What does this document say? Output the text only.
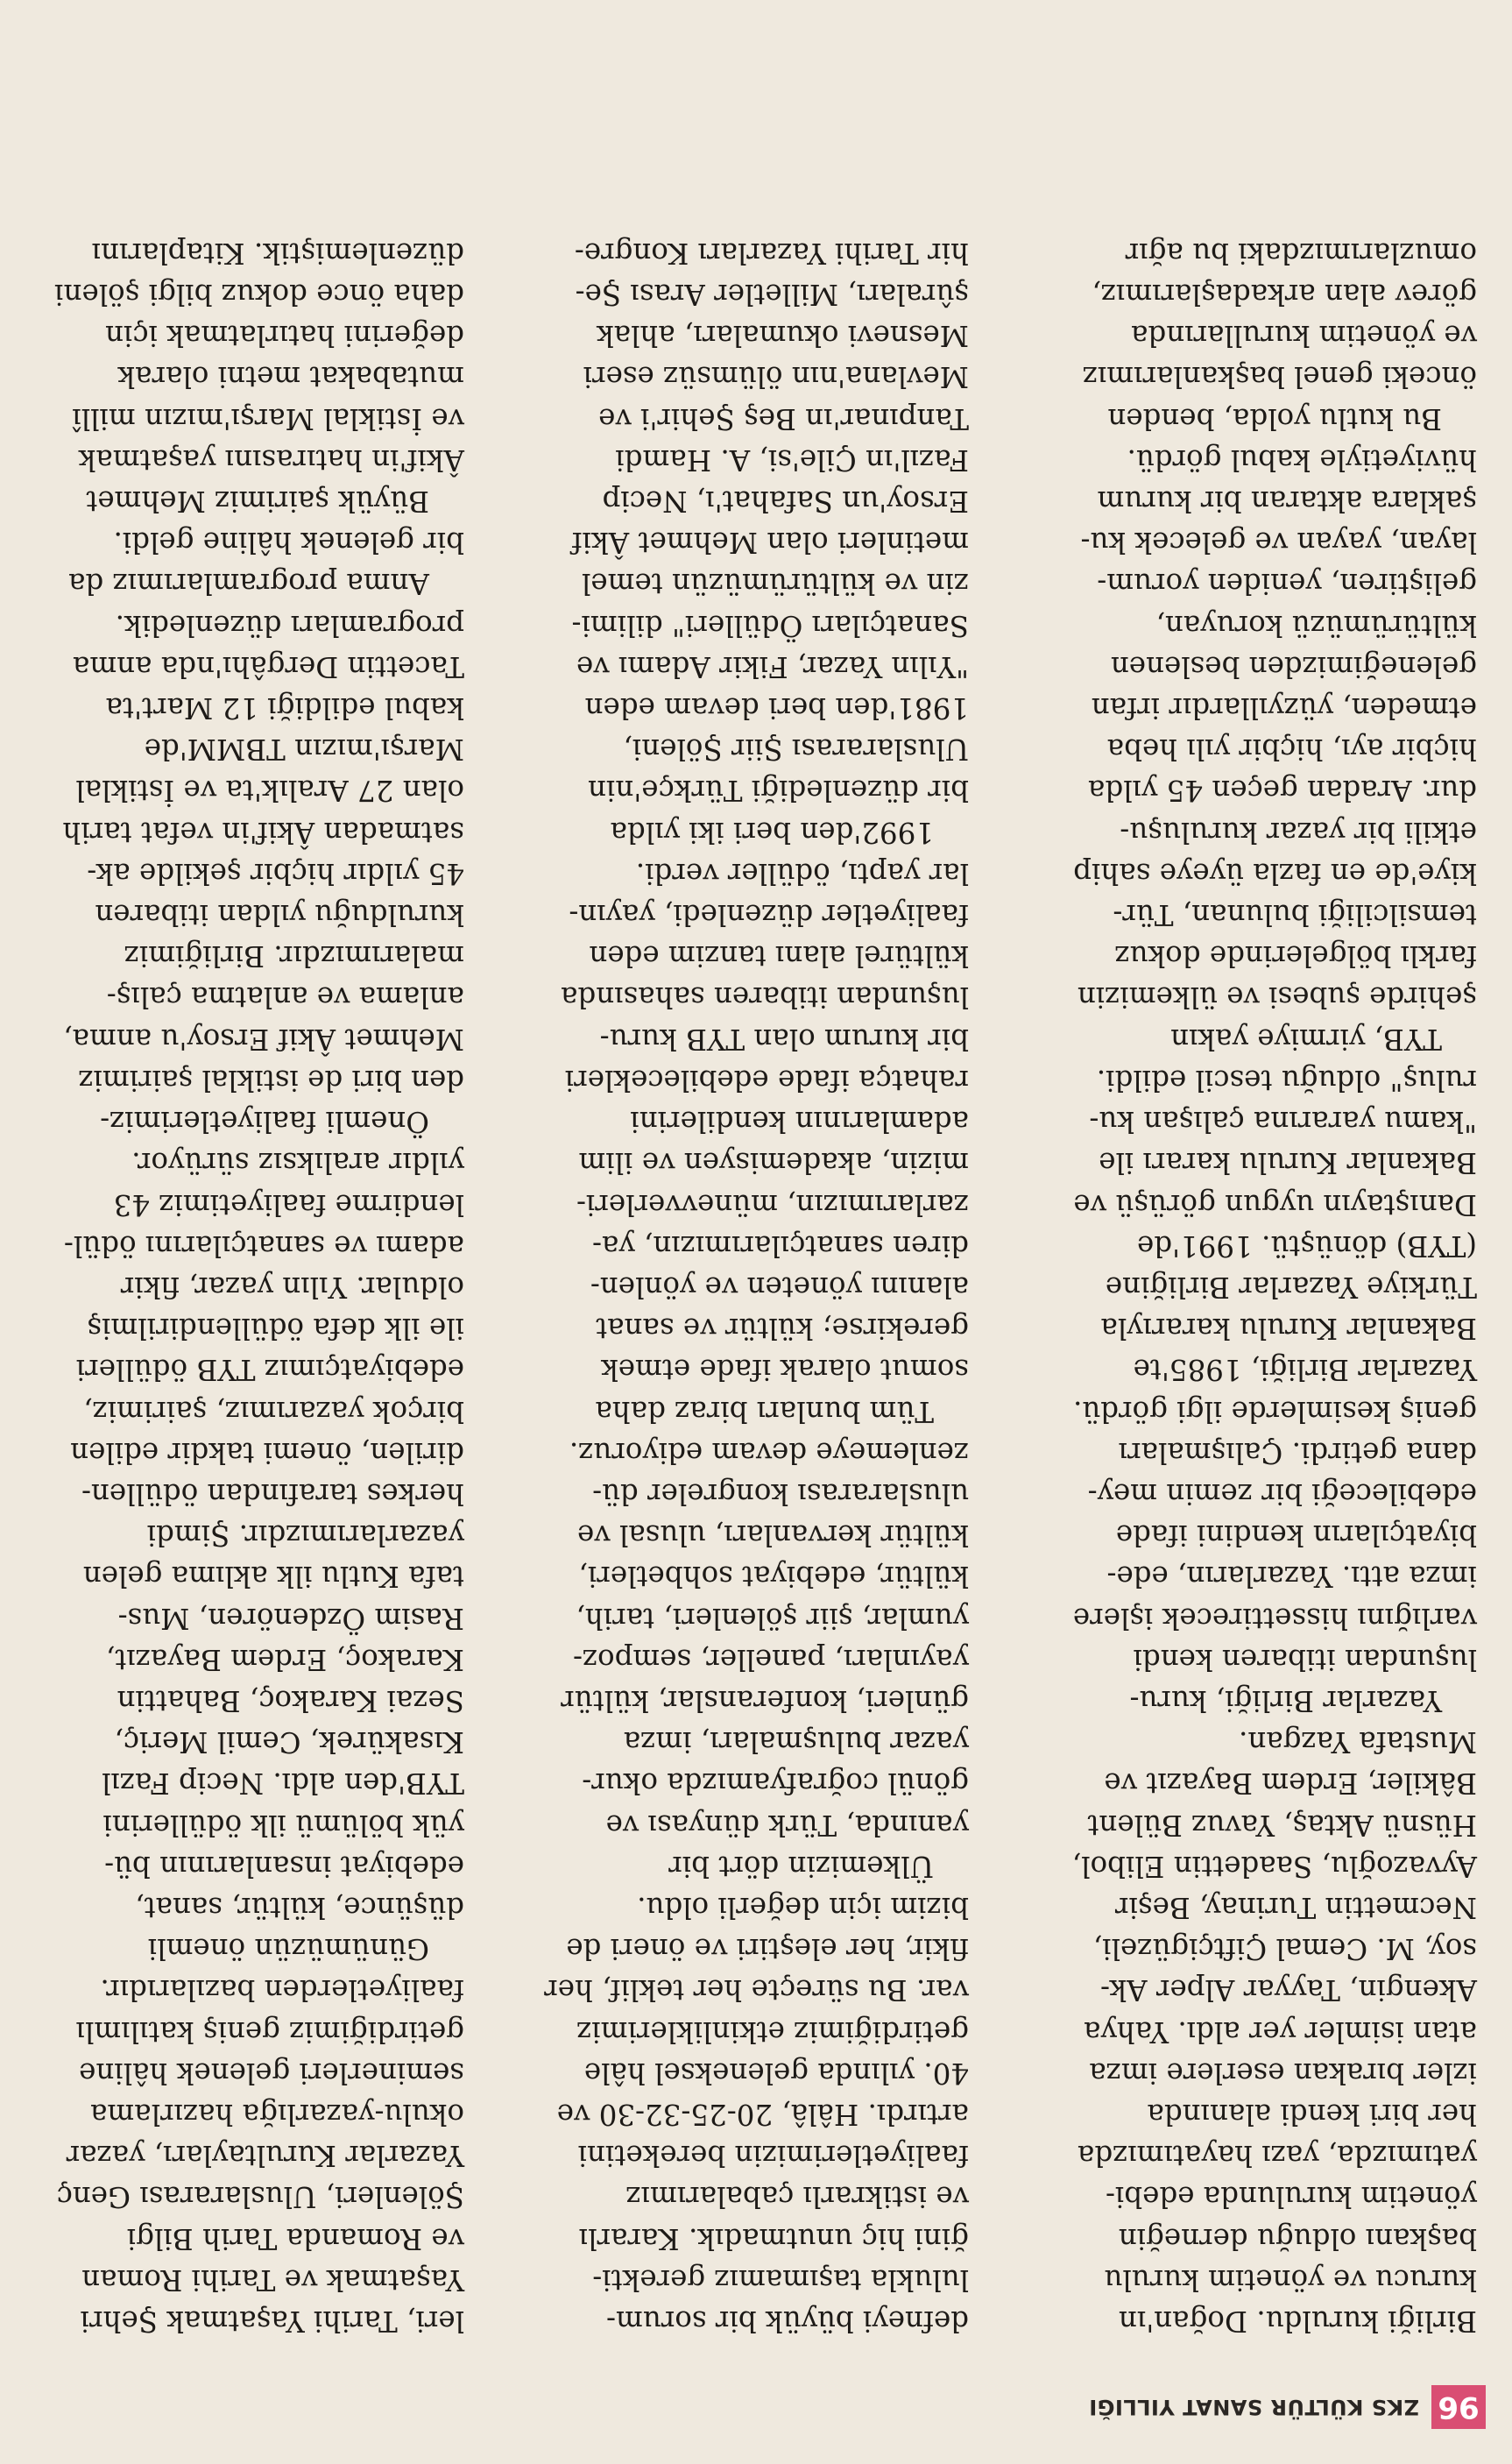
96
ZKS KÜLTÜR SANAT YILLIĞI
Birliği kuruldu. Doğan'ın
kurucu ve yönetim kurulu
başkanı olduğu derneğin
yönetim kurulunda edebi-
yatımızda, yazı hayatımızda
her biri kendi alanında
izler bırakan eserlere imza
atan isimler yer aldı. Yahya
Akengin, Tayyar Alper Ak-
soy, M. Cemal Çiftçigüzeli,
Necmettin Turinay, Beşir
Ayvazoğlu, Saadettin Elibol,
Hüsnü Aktaş, Yavuz Bülent
Bâkiler, Erdem Bayazıt ve
Mustafa Yazgan.
Yazarlar Birliği, kuru-
luşundan itibaren kendi
varlığını hissettirecek işlere
imza attı. Yazarların, ede-
biyatçıların kendini ifade
edebileceği bir zemin mey-
dana getirdi. Çalışmaları
geniş kesimlerde ilgi gördü.
Yazarlar Birliği, 1985'te
Bakanlar Kurulu kararıyla
Türkiye Yazarlar Birliğine
(TYB) dönüştü. 1991'de
Danıştayın uygun görüşü ve
Bakanlar Kurulu kararı ile
"kamu yararına çalışan ku-
ruluş" olduğu tescil edildi.
TYB, yirmiye yakın
şehirde şubesi ve ülkemizin
farklı bölgelerinde dokuz
temsilciliği bulunan, Tür-
kiye'de en fazla üyeye sahip
etkili bir yazar kuruluşu-
dur. Aradan geçen 45 yılda
hiçbir ayı, hiçbir yılı heba
etmeden, yüzyıllardır irfan
geleneğimizden beslenen
kültürümüzü koruyan,
geliştiren, yeniden yorum-
layan, yayan ve gelecek ku-
şaklara aktaran bir kurum
hüviyetiyle kabul gördü.
Bu kutlu yolda, benden
önceki genel başkanlarımız
ve yönetim kurullarında
görev alan arkadaşlarımız,
omuzlarımızdaki bu ağır
defneyi büyük bir sorum-
lulukla taşımamız gerekti-
ğini hiç unutmadık. Kararlı
ve istikrarlı çabalarımız
faaliyetlerimizin bereketini
artırdı. Hâlâ, 20-25-32-30 ve
40. yılında geleneksel hâle
getirdiğimiz etkinliklerimiz
var. Bu süreçte her teklif, her
fikir, her eleştiri ve öneri de
bizim için değerli oldu.
Ülkemizin dört bir
yanında, Türk dünyası ve
gönül coğrafyamızda okur-
yazar buluşmaları, imza
günleri, konferanslar, kültür
yayınları, paneller, sempoz-
yumlar, şiir şölenleri, tarih,
kültür, edebiyat sohbetleri,
kültür kervanları, ulusal ve
uluslararası kongreler dü-
zenlemeye devam ediyoruz.
Tüm bunları biraz daha
somut olarak ifade etmek
gerekirse; kültür ve sanat
alanını yöneten ve yönlen-
diren sanatçılarımızın, ya-
zarlarımızın, münevverleri-
mizin, akademisyen ve ilim
adamlarının kendilerini
rahatça ifade edebilecekleri
bir kurum olan TYB kuru-
luşundan itibaren sahasında
kültürel alanı tanzim eden
faaliyetler düzenledi, yayın-
lar yaptı, ödüller verdi.
1992'den beri iki yılda
bir düzenlediği Türkçe'nin
Uluslararası Şiir Şöleni,
1981'den beri devam eden
"Yılın Yazar, Fikir Adamı ve
Sanatçıları Ödülleri" dilimi-
zin ve kültürümüzün temel
metinleri olan Mehmet Âkif
Ersoy'un Safahat'ı, Necip
Fazıl'ın Çile'si, A. Hamdi
Tanpınar'ın Beş Şehir'i ve
Mevlana'nın ölümsüz eseri
Mesnevi okumaları, ahlak
şûraları, Milletler Arası Şe-
hir Tarihi Yazarları Kongre-
leri, Tarihi Yaşatmak Şehri
Yaşatmak ve Tarihi Roman
ve Romanda Tarih Bilgi
Şölenleri, Uluslararası Genç
Yazarlar Kurultayları, yazar
okulu-yazarlığa hazırlama
seminerleri gelenek hâline
getirdiğimiz geniş katılımlı
faaliyetlerden bazılarıdır.
Günümüzün önemli
düşünce, kültür, sanat,
edebiyat insanlarının bü-
yük bölümü ilk ödüllerini
TYB'den aldı. Necip Fazıl
Kısakürek, Cemil Meriç,
Sezai Karakoç, Bahattin
Karakoç, Erdem Bayazıt,
Rasim Özdenören, Mus-
tafa Kutlu ilk aklıma gelen
yazarlarımızdır. Şimdi
herkes tarafından ödüllen-
dirilen, önemi takdir edilen
birçok yazarımız, şairimiz,
edebiyatçımız TYB ödülleri
ile ilk defa ödüllendirilmiş
oldular. Yılın yazar, fikir
adamı ve sanatçılarını ödül-
lendirme faaliyetimiz 43
yıldır aralıksız sürüyor.
Önemli faaliyetlerimiz-
den biri de istiklal şairimiz
Mehmet Âkif Ersoy'u anma,
anlama ve anlatma çalış-
malarımızdır. Birliğimiz
kurulduğu yıldan itibaren
45 yıldır hiçbir şekilde ak-
satmadan Âkif'in vefat tarih
olan 27 Aralık'ta ve İstiklal
Marşı'mızın TBMM'de
kabul edildiği 12 Mart'ta
Tacettin Dergâhı'nda anma
programları düzenledik.
Anma programlarımız da
bir gelenek hâline geldi.
Büyük şairimiz Mehmet
Âkif'in hatırasını yaşatmak
ve İstiklal Marşı'mızın millî
mutabakat metni olarak
değerini hatırlatmak için
daha önce dokuz bilgi şöleni
düzenlemiştik. Kitaplarını
